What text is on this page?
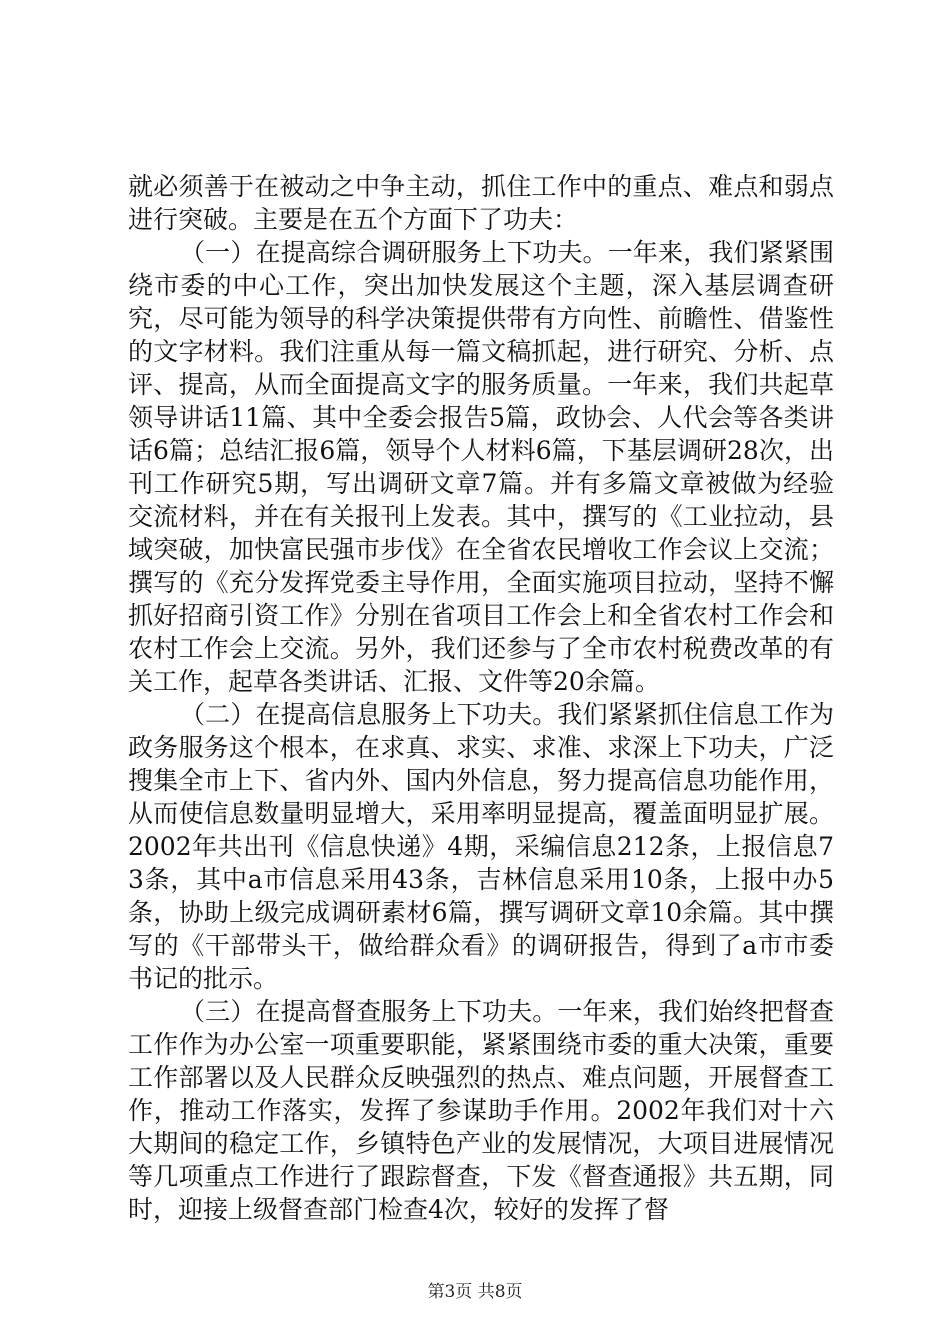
就必须善于在被动之中争主动，抓住工作中的重点、难点和弱点进行突破。主要是在五个方面下了功夫：

（一）在提高综合调研服务上下功夫。一年来，我们紧紧围绕市委的中心工作，突出加快发展这个主题，深入基层调查研究，尽可能为领导的科学决策提供带有方向性、前瞻性、借鉴性的文字材料。我们注重从每一篇文稿抓起，进行研究、分析、点评、提高，从而全面提高文字的服务质量。一年来，我们共起草领导讲话11篇、其中全委会报告5篇，政协会、人代会等各类讲话6篇；总结汇报6篇，领导个人材料6篇，下基层调研28次，出刊工作研究5期，写出调研文章7篇。并有多篇文章被做为经验交流材料，并在有关报刊上发表。其中，撰写的《工业拉动，县域突破，加快富民强市步伐》在全省农民增收工作会议上交流；撰写的《充分发挥党委主导作用，全面实施项目拉动，坚持不懈抓好招商引资工作》分别在省项目工作会上和全省农村工作会和农村工作会上交流。另外，我们还参与了全市农村税费改革的有关工作，起草各类讲话、汇报、文件等20余篇。

（二）在提高信息服务上下功夫。我们紧紧抓住信息工作为政务服务这个根本，在求真、求实、求准、求深上下功夫，广泛搜集全市上下、省内外、国内外信息，努力提高信息功能作用，从而使信息数量明显增大，采用率明显提高，覆盖面明显扩展。2002年共出刊《信息快递》4期，采编信息212条，上报信息73条，其中a市信息采用43条，吉林信息采用10条，上报中办5条，协助上级完成调研素材6篇，撰写调研文章10余篇。其中撰写的《干部带头干，做给群众看》的调研报告，得到了a市市委书记的批示。

（三）在提高督查服务上下功夫。一年来，我们始终把督查工作作为办公室一项重要职能，紧紧围绕市委的重大决策，重要工作部署以及人民群众反映强烈的热点、难点问题，开展督查工作，推动工作落实，发挥了参谋助手作用。2002年我们对十六大期间的稳定工作，乡镇特色产业的发展情况，大项目进展情况等几项重点工作进行了跟踪督查，下发《督查通报》共五期，同时，迎接上级督查部门检查4次，较好的发挥了督

第3页 共8页
